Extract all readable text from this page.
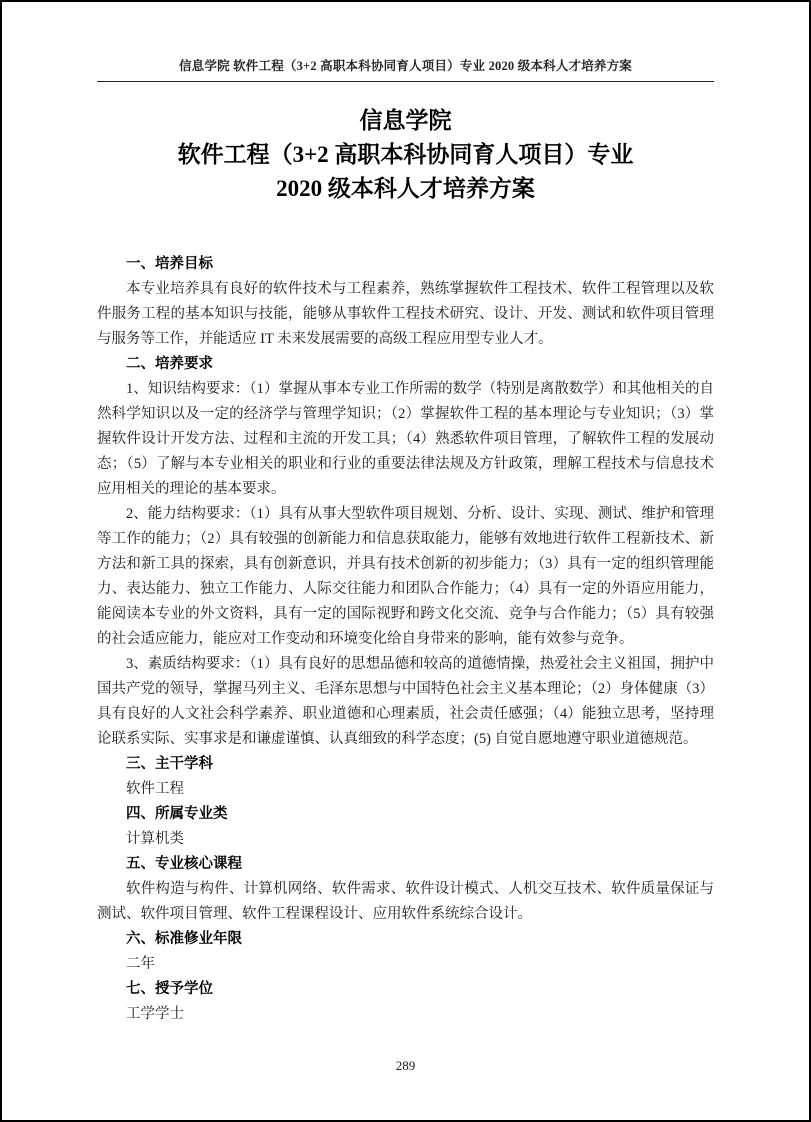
信息学院 软件工程（3+2 高职本科协同育人项目）专业 2020 级本科人才培养方案
信息学院
软件工程（3+2 高职本科协同育人项目）专业
2020 级本科人才培养方案
一、培养目标

本专业培养具有良好的软件技术与工程素养，熟练掌握软件工程技术、软件工程管理以及软件服务工程的基本知识与技能，能够从事软件工程技术研究、设计、开发、测试和软件项目管理与服务等工作，并能适应 IT 未来发展需要的高级工程应用型专业人才。

二、培养要求

1、知识结构要求：（1）掌握从事本专业工作所需的数学（特别是离散数学）和其他相关的自然科学知识以及一定的经济学与管理学知识；（2）掌握软件工程的基本理论与专业知识；（3）掌握软件设计开发方法、过程和主流的开发工具；（4）熟悉软件项目管理，了解软件工程的发展动态；（5）了解与本专业相关的职业和行业的重要法律法规及方针政策，理解工程技术与信息技术应用相关的理论的基本要求。

2、能力结构要求：（1）具有从事大型软件项目规划、分析、设计、实现、测试、维护和管理等工作的能力；（2）具有较强的创新能力和信息获取能力，能够有效地进行软件工程新技术、新方法和新工具的探索，具有创新意识，并具有技术创新的初步能力；（3）具有一定的组织管理能力、表达能力、独立工作能力、人际交往能力和团队合作能力；（4）具有一定的外语应用能力，能阅读本专业的外文资料，具有一定的国际视野和跨文化交流、竞争与合作能力；（5）具有较强的社会适应能力，能应对工作变动和环境变化给自身带来的影响，能有效参与竞争。

3、素质结构要求：（1）具有良好的思想品德和较高的道德情操，热爱社会主义祖国，拥护中国共产党的领导，掌握马列主义、毛泽东思想与中国特色社会主义基本理论；（2）身体健康（3）具有良好的人文社会科学素养、职业道德和心理素质，社会责任感强；（4）能独立思考，坚持理论联系实际、实事求是和谦虚谨慎、认真细致的科学态度；(5) 自觉自愿地遵守职业道德规范。

三、主干学科

软件工程

四、所属专业类

计算机类

五、专业核心课程

软件构造与构件、计算机网络、软件需求、软件设计模式、人机交互技术、软件质量保证与测试、软件项目管理、软件工程课程设计、应用软件系统综合设计。

六、标准修业年限

二年

七、授予学位

工学学士

289
